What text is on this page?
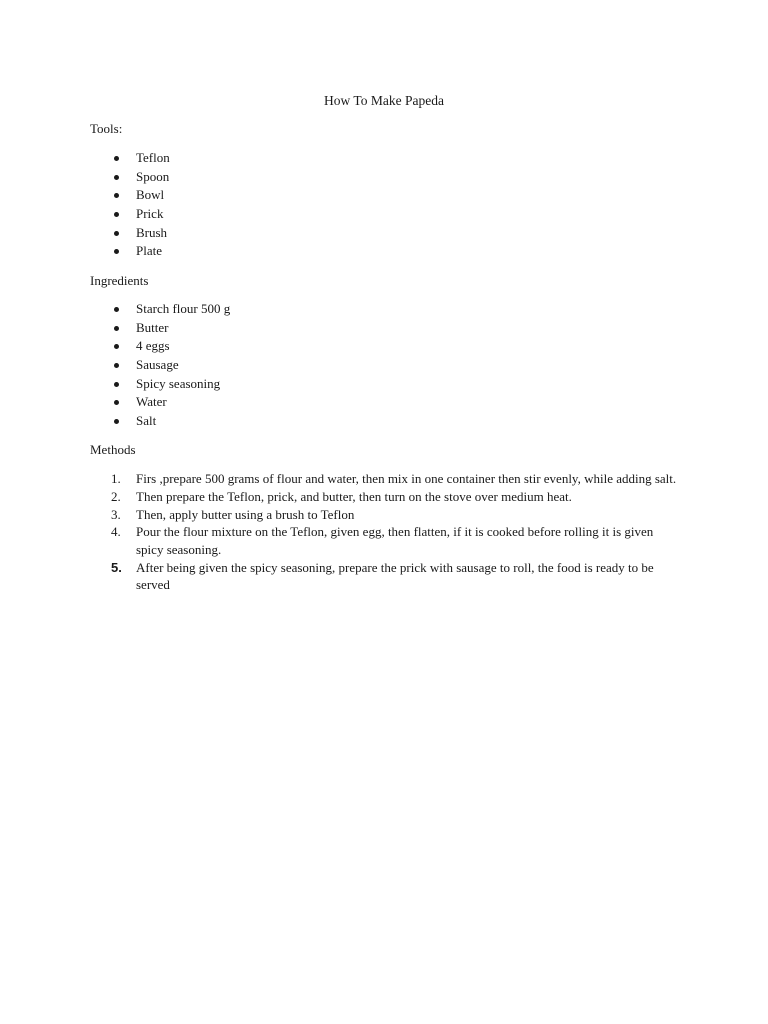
How To Make Papeda
Tools:
Teflon
Spoon
Bowl
Prick
Brush
Plate
Ingredients
Starch flour 500 g
Butter
4 eggs
Sausage
Spicy seasoning
Water
Salt
Methods
1.	Firs ,prepare 500 grams of flour and water, then mix in one container then stir evenly, while adding salt.
2.	Then prepare the Teflon, prick, and butter, then turn on the stove over medium heat.
3.	Then, apply butter using a brush to Teflon
4.	Pour the flour mixture on the Teflon, given egg, then flatten, if it is cooked before rolling it is given spicy seasoning.
5.	After being given the spicy seasoning, prepare the prick with sausage to roll, the food is ready to be served
